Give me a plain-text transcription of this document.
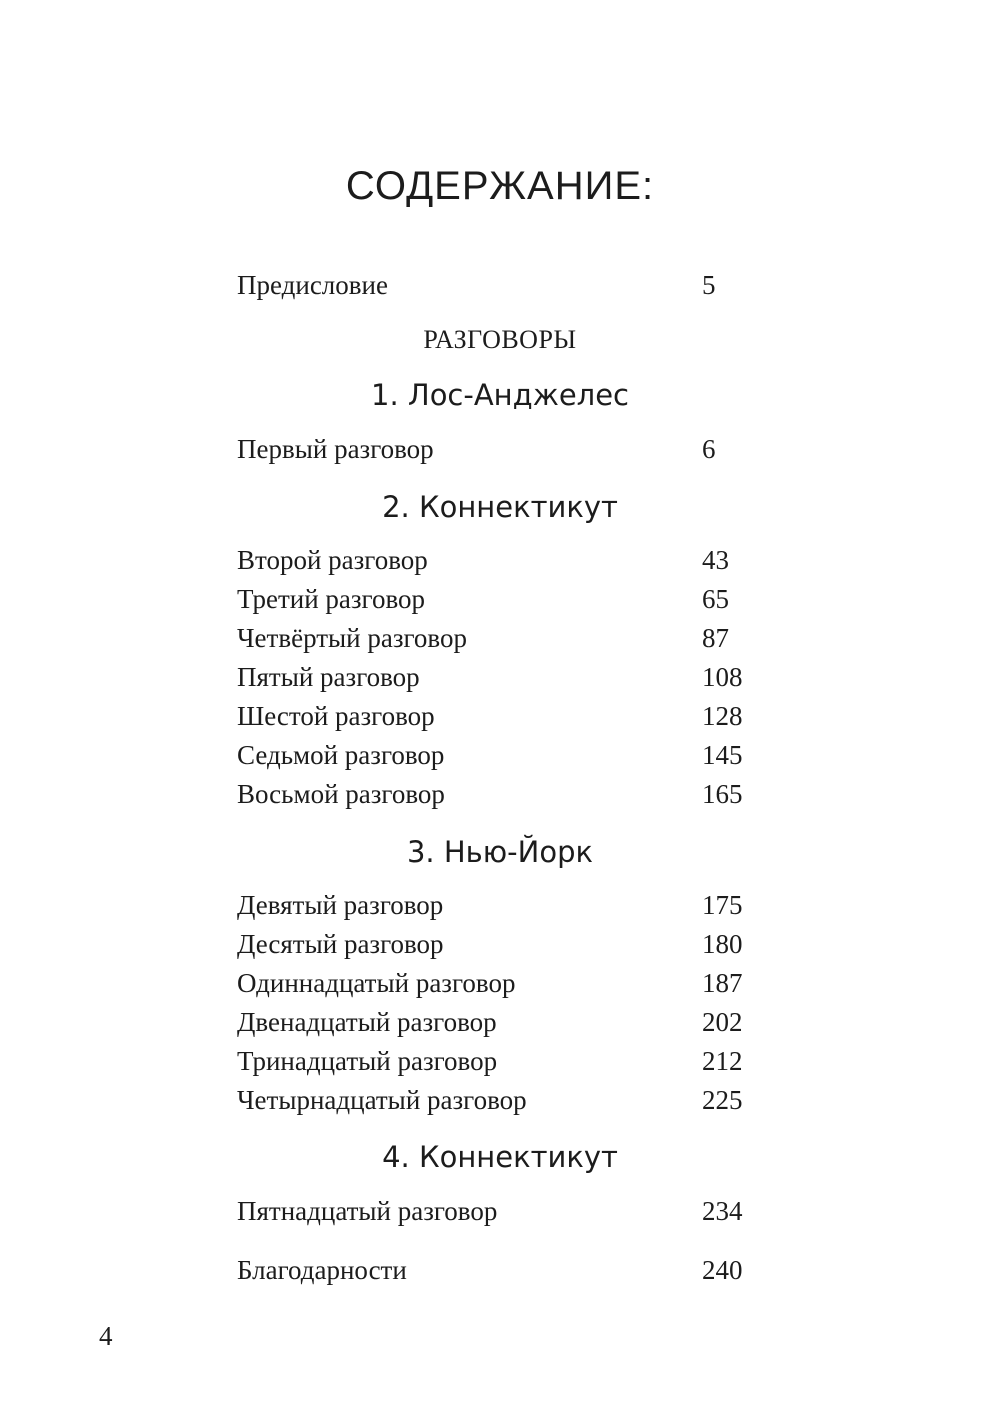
СОДЕРЖАНИЕ:
Предисловие	5
РАЗГОВОРЫ
1. Лос-Анджелес
Первый разговор	6
2. Коннектикут
Второй разговор	43
Третий разговор	65
Четвёртый разговор	87
Пятый разговор	108
Шестой разговор	128
Седьмой разговор	145
Восьмой разговор	165
3. Нью-Йорк
Девятый разговор	175
Десятый разговор	180
Одиннадцатый разговор	187
Двенадцатый разговор	202
Тринадцатый разговор	212
Четырнадцатый разговор	225
4. Коннектикут
Пятнадцатый разговор	234
Благодарности	240
4
